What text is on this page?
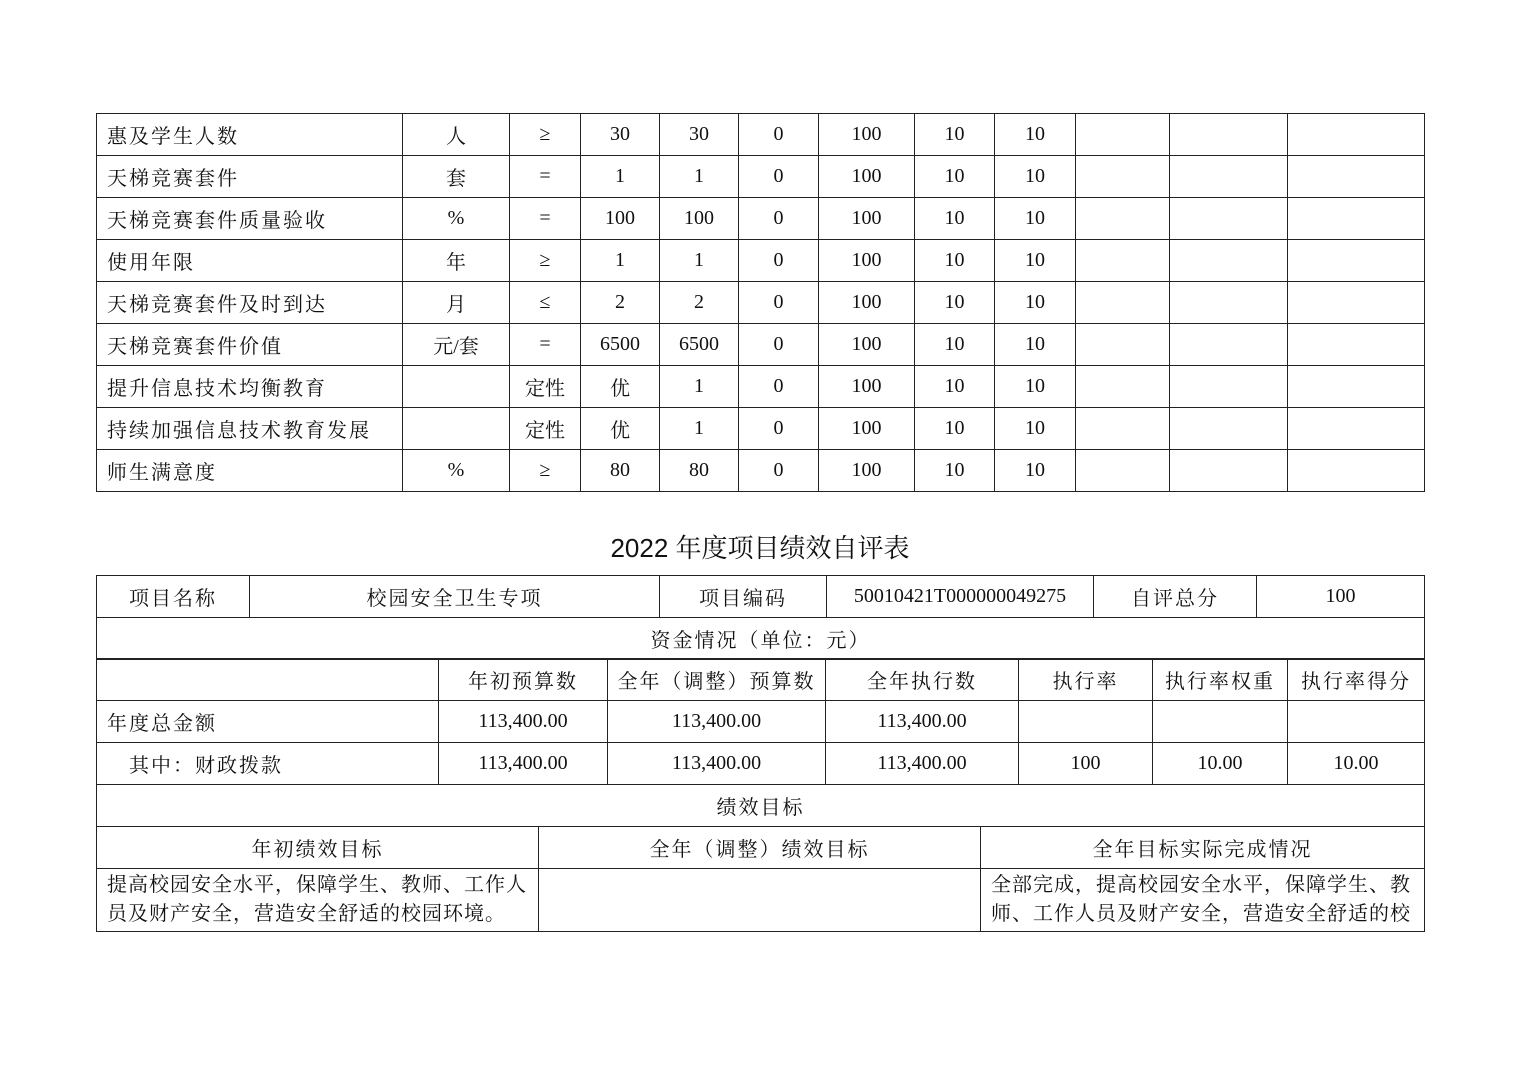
惠及学生人数	人	≥	30	30	0	100	10	10			
天梯竞赛套件	套	=	1	1	0	100	10	10			
天梯竞赛套件质量验收	%	=	100	100	0	100	10	10			
使用年限	年	≥	1	1	0	100	10	10			
天梯竞赛套件及时到达	月	≤	2	2	0	100	10	10			
天梯竞赛套件价值	元/套	=	6500	6500	0	100	10	10			
提升信息技术均衡教育		定性	优	1	0	100	10	10			
持续加强信息技术教育发展		定性	优	1	0	100	10	10			
师生满意度	%	≥	80	80	0	100	10	10			
2022 年度项目绩效自评表
项目名称	校园安全卫生专项	项目编码	50010421T000000049275	自评总分	100
资金情况（单位：元）
	年初预算数	全年（调整）预算数	全年执行数	执行率	执行率权重	执行率得分
年度总金额	113,400.00	113,400.00	113,400.00			
其中：财政拨款	113,400.00	113,400.00	113,400.00	100	10.00	10.00
绩效目标						
年初绩效目标	全年（调整）绩效目标	全年目标实际完成情况
提高校园安全水平，保障学生、教师、工作人员及财产安全，营造安全舒适的校园环境。		全部完成，提高校园安全水平，保障学生、教师、工作人员及财产安全，营造安全舒适的校
